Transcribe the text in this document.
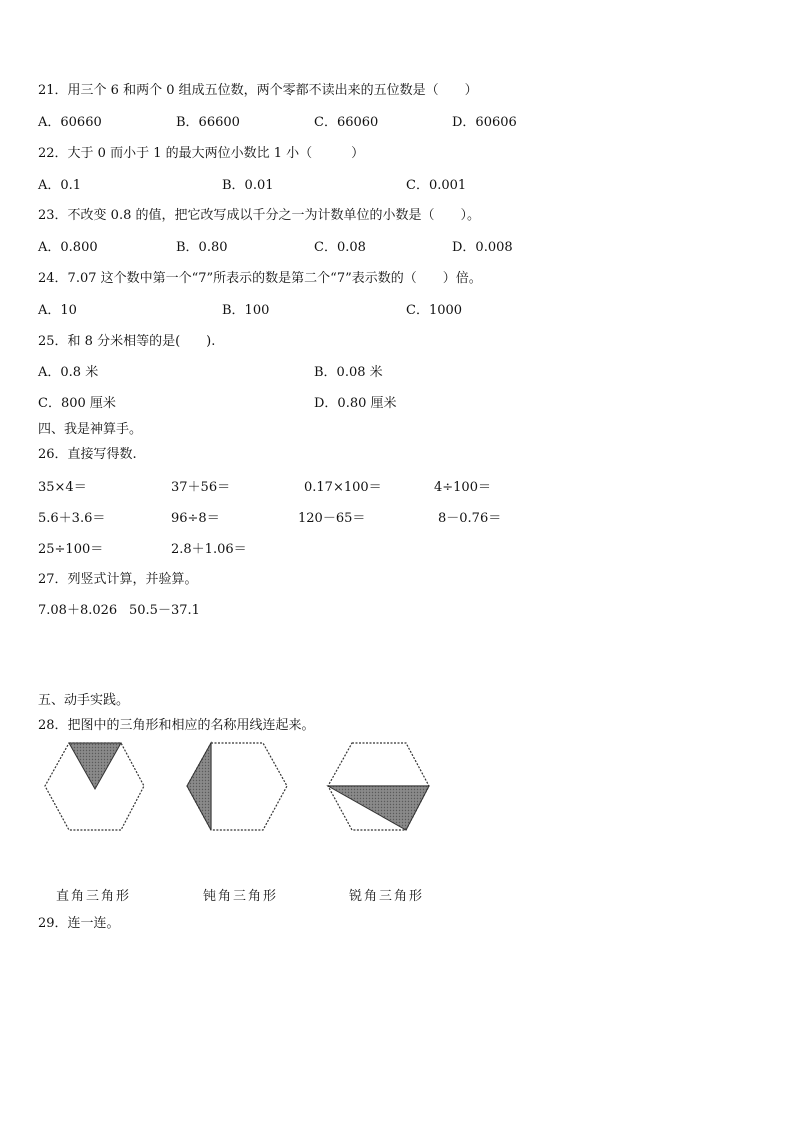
21．用三个 6 和两个 0 组成五位数，两个零都不读出来的五位数是（　　）
A．60660	B．66600	C．66060	D．60606
22．大于 0 而小于 1 的最大两位小数比 1 小（　　　）
A．0.1	B．0.01	C．0.001
23．不改变 0.8 的值，把它改写成以千分之一为计数单位的小数是（　　）。
A．0.800	B．0.80	C．0.08	D．0.008
24．7.07 这个数中第一个“7”所表示的数是第二个“7”表示数的（　　）倍。
A．10	B．100	C．1000
25．和 8 分米相等的是(　　).
A．0.8 米	B．0.08 米
C．800 厘米	D．0.80 厘米
四、我是神算手。
26．直接写得数.
35×4＝	37＋56＝	0.17×100＝	4÷100＝
5.6＋3.6＝	96÷8＝	120－65＝	8－0.76＝
25÷100＝	2.8＋1.06＝
27．列竖式计算，并验算。
7.08＋8.026 50.5－37.1
五、动手实践。
28．把图中的三角形和相应的名称用线连起来。
直角三角形	钝角三角形	锐角三角形
29．连一连。
